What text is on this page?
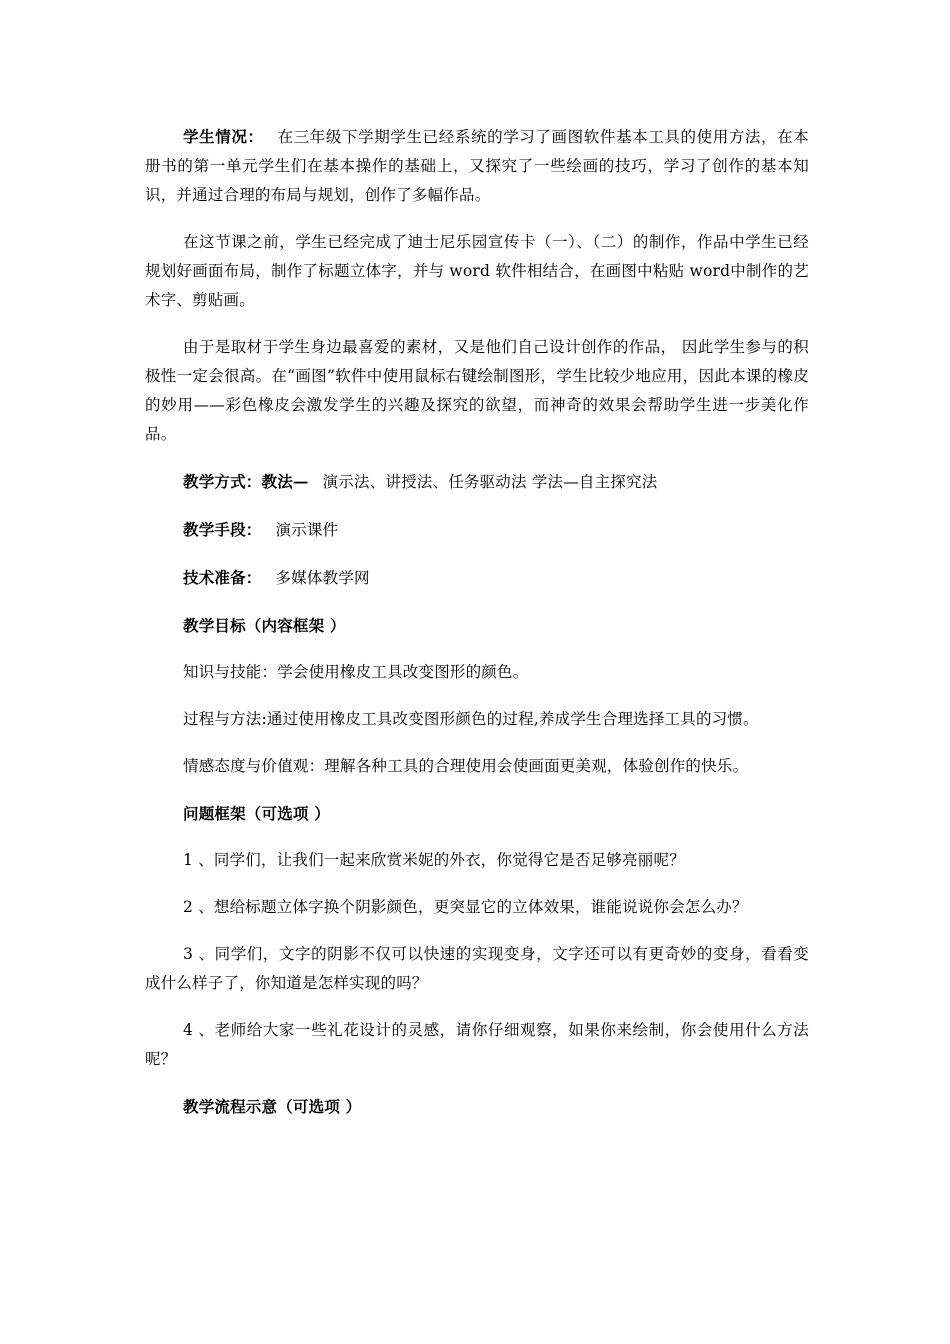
学生情况： 在三年级下学期学生已经系统的学习了画图软件基本工具的使用方法，在本册书的第一单元学生们在基本操作的基础上，又探究了一些绘画的技巧，学习了创作的基本知识，并通过合理的布局与规划，创作了多幅作品。

在这节课之前，学生已经完成了迪士尼乐园宣传卡（一）、（二）的制作，作品中学生已经规划好画面布局，制作了标题立体字，并与 word 软件相结合，在画图中粘贴 word中制作的艺术字、剪贴画。

由于是取材于学生身边最喜爱的素材，又是他们自己设计创作的作品， 因此学生参与的积极性一定会很高。在“画图”软件中使用鼠标右键绘制图形，学生比较少地应用，因此本课的橡皮的妙用——彩色橡皮会激发学生的兴趣及探究的欲望，而神奇的效果会帮助学生进一步美化作品。

教学方式：教法— 演示法、讲授法、任务驱动法 学法—自主探究法

教学手段： 演示课件

技术准备： 多媒体教学网

教学目标（内容框架 ）

知识与技能：学会使用橡皮工具改变图形的颜色。

过程与方法:通过使用橡皮工具改变图形颜色的过程,养成学生合理选择工具的习惯。

情感态度与价值观：理解各种工具的合理使用会使画面更美观，体验创作的快乐。

问题框架（可选项 ）

1 、同学们，让我们一起来欣赏米妮的外衣，你觉得它是否足够亮丽呢？

2 、想给标题立体字换个阴影颜色，更突显它的立体效果，谁能说说你会怎么办？

3 、同学们，文字的阴影不仅可以快速的实现变身，文字还可以有更奇妙的变身，看看变成什么样子了，你知道是怎样实现的吗？

4 、老师给大家一些礼花设计的灵感，请你仔细观察，如果你来绘制，你会使用什么方法呢？

教学流程示意（可选项 ）
